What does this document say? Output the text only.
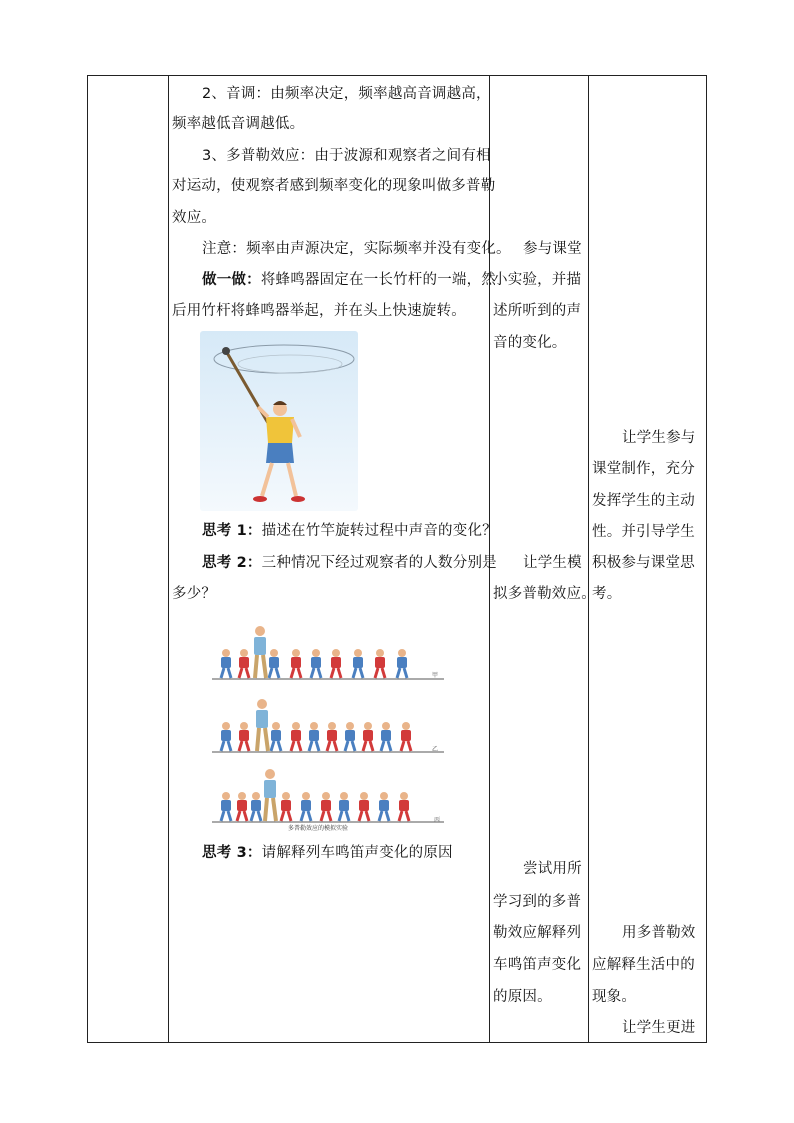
2、音调：由频率决定，频率越高音调越高，
频率越低音调越低。
3、多普勒效应：由于波源和观察者之间有相
对运动，使观察者感到频率变化的现象叫做多普勒
效应。
注意：频率由声源决定，实际频率并没有变化。
做一做：将蜂鸣器固定在一长竹杆的一端，然
后用竹杆将蜂鸣器举起，并在头上快速旋转。
思考 1：描述在竹竿旋转过程中声音的变化？
思考 2：三种情况下经过观察者的人数分别是
多少？
甲
乙
丙
多普勒效应的模拟实验
思考 3：请解释列车鸣笛声变化的原因
参与课堂
小实验，并描
述所听到的声
音的变化。
让学生模
拟多普勒效应。
尝试用所
学习到的多普
勒效应解释列
车鸣笛声变化
的原因。
让学生参与
课堂制作，充分
发挥学生的主动
性。并引导学生
积极参与课堂思
考。
用多普勒效
应解释生活中的
现象。
让学生更进
